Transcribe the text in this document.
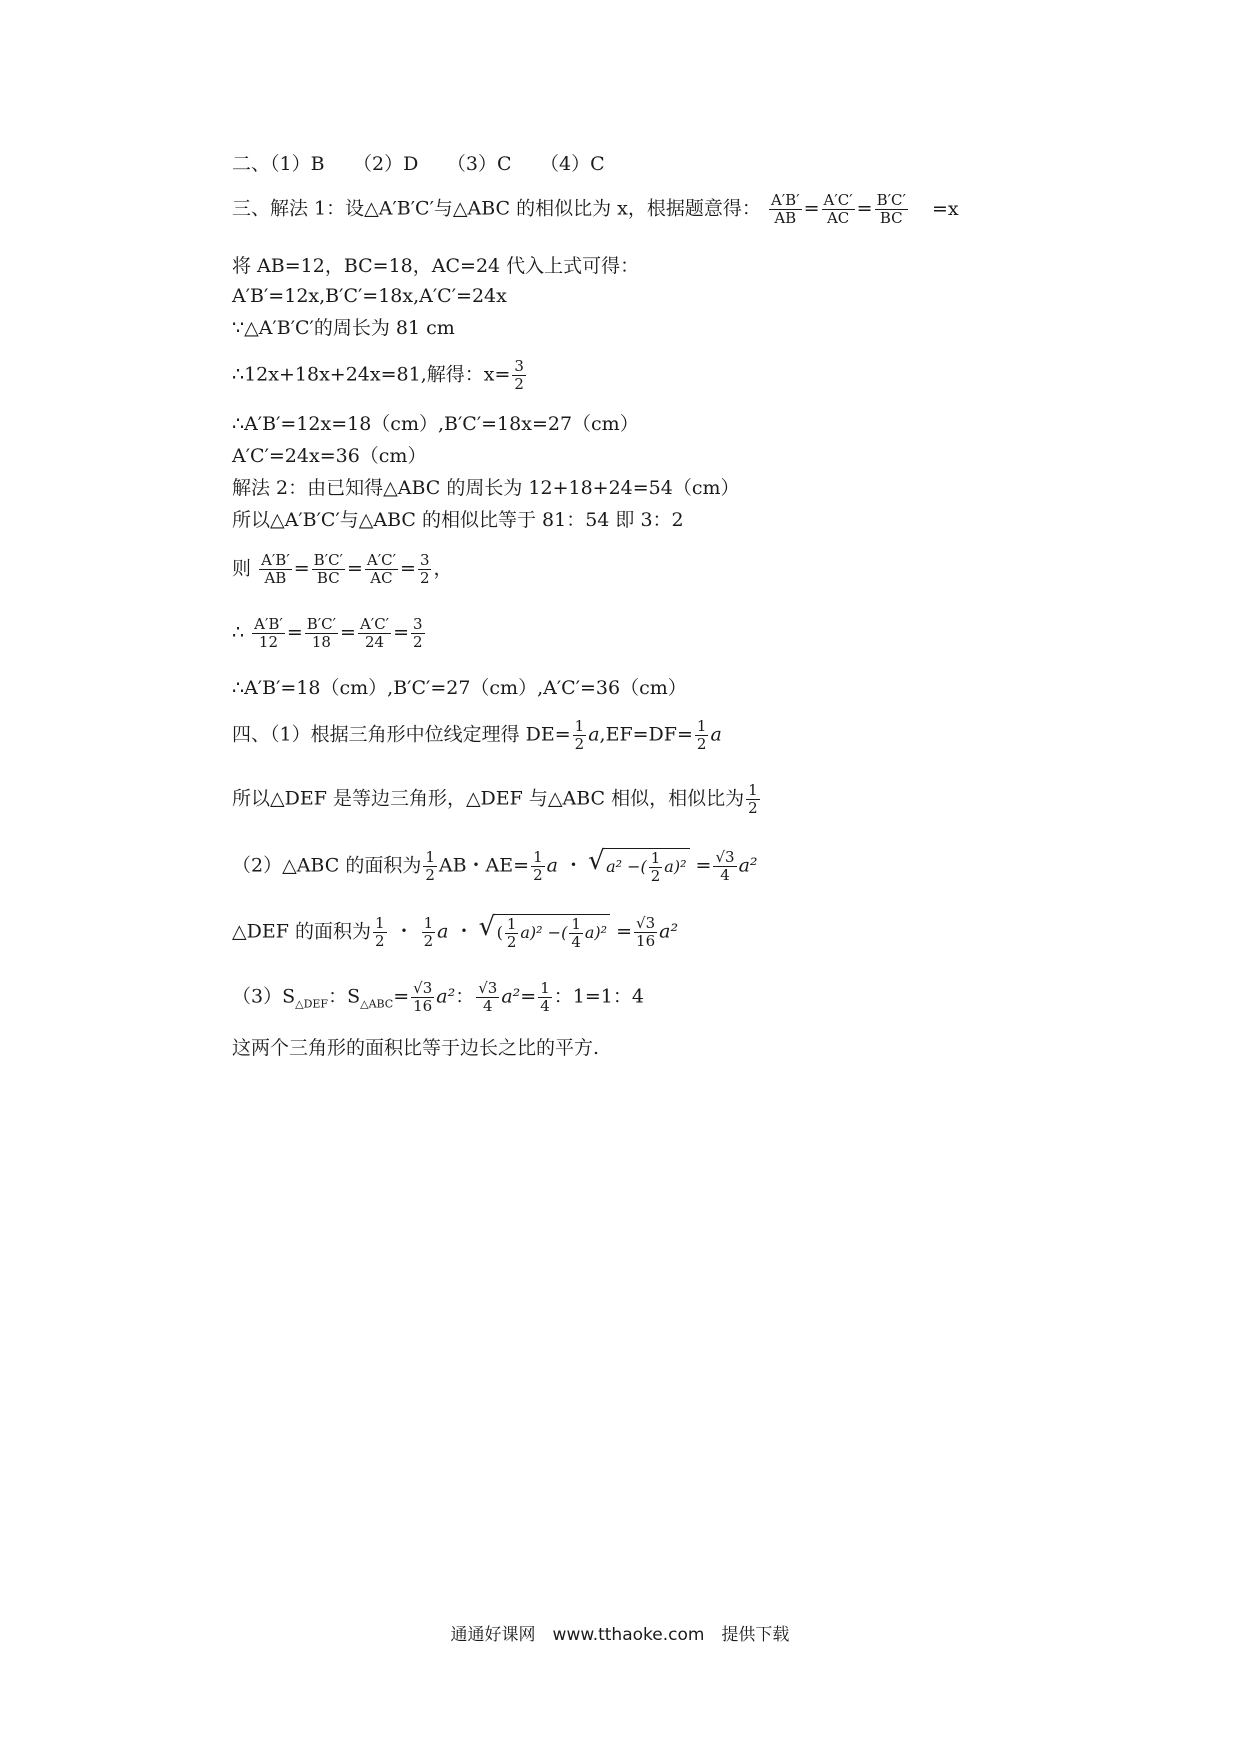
二、（1）B　　（2）D　　（3）C　　（4）C
三、解法 1：设△A′B′C′与△ABC 的相似比为 x，根据题意得： $\frac{A'B'}{AB} = \frac{A'C'}{AC} = \frac{B'C'}{BC} =x$
将 AB=12，BC=18，AC=24 代入上式可得：
A′B′=12x,B′C′=18x,A′C′=24x
∵△A′B′C′的周长为 81 cm
∴12x+18x+24x=81,解得：$x= \frac{3}{2}$
∴A′B′=12x=18（cm）,B′C′=18x=27（cm）
A′C′=24x=36（cm）
解法 2：由已知得△ABC 的周长为 12+18+24=54（cm）
所以△A′B′C′与△ABC 的相似比等于 81：54 即 3：2
则 $\frac{A'B'}{AB} = \frac{B'C'}{BC} = \frac{A'C'}{AC} = \frac{3}{2}$ ，
∴ $\frac{A'B'}{12} = \frac{B'C'}{18} = \frac{A'C'}{24} = \frac{3}{2}$
∴A′B′=18（cm）,B′C′=27（cm）,A′C′=36（cm）
四、（1）根据三角形中位线定理得 $DE= \frac{1}{2} a,EF=DF= \frac{1}{2}$ a
所以△DEF 是等边三角形，△DEF 与△ABC 相似，相似比为 $\frac{1}{2}$
（2）△ABC 的面积为 $\frac{1}{2}$ AB・$AE= \frac{1}{2}$ a ・ √ a² −( $\frac{1}{2} a)^2 = \frac{√3}{4} a^2$
△DEF 的面积为 $\frac{1}{2}$ ・ $\frac{1}{2}$ a ・ √ ( $\frac{1}{2} a)^2$ −( $\frac{1}{4} a)^2 = \frac{√3}{16} a^2$
$(3)S_{\triangle DEF}$：$S_{\triangle ABC}= \frac{√3}{16} a^2$： $\frac{√3}{4} a^2= \frac{1}{4}$ ：1=1：4
这两个三角形的面积比等于边长之比的平方.
通通好课网　www.tthaoke.com　提供下载
